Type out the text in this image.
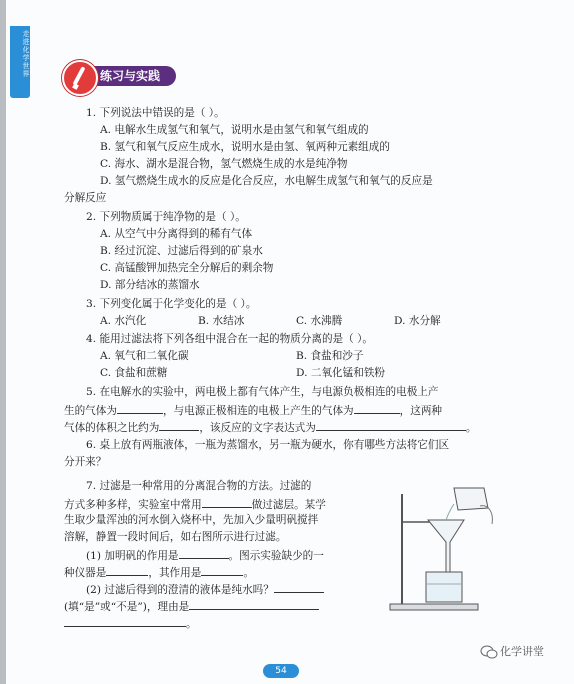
走进化学世界	练习与实践
1. 下列说法中错误的是（ ）。
A. 电解水生成氢气和氧气，说明水是由氢气和氧气组成的
B. 氢气和氧气反应生成水，说明水是由氢、氧两种元素组成的
C. 海水、湖水是混合物，氢气燃烧生成的水是纯净物
D. 氢气燃烧生成水的反应是化合反应，水电解生成氢气和氧气的反应是
分解反应
2. 下列物质属于纯净物的是（ ）。
A. 从空气中分离得到的稀有气体
B. 经过沉淀、过滤后得到的矿泉水
C. 高锰酸钾加热完全分解后的剩余物
D. 部分结冰的蒸馏水
3. 下列变化属于化学变化的是（ ）。
A. 水汽化	B. 水结冰	C. 水沸腾	D. 水分解
4. 能用过滤法将下列各组中混合在一起的物质分离的是（ ）。
A. 氧气和二氧化碳	B. 食盐和沙子
C. 食盐和蔗糖	D. 二氧化锰和铁粉
5. 在电解水的实验中，两电极上都有气体产生，与电源负极相连的电极上产
生的气体为	，与电源正极相连的电极上产生的气体为	，这两种
气体的体积之比约为	，该反应的文字表达式为	。
6. 桌上放有两瓶液体，一瓶为蒸馏水，另一瓶为硬水，你有哪些方法将它们区
分开来？
7. 过滤是一种常用的分离混合物的方法。过滤的
方式多种多样，实验室中常用	做过滤层。某学
生取少量浑浊的河水倒入烧杯中，先加入少量明矾搅拌
溶解，静置一段时间后，如右图所示进行过滤。
(1) 加明矾的作用是	。图示实验缺少的一
种仪器是	，其作用是	。
(2) 过滤后得到的澄清的液体是纯水吗？
(填“是”或“不是”)，理由是
。
54
化学讲堂
